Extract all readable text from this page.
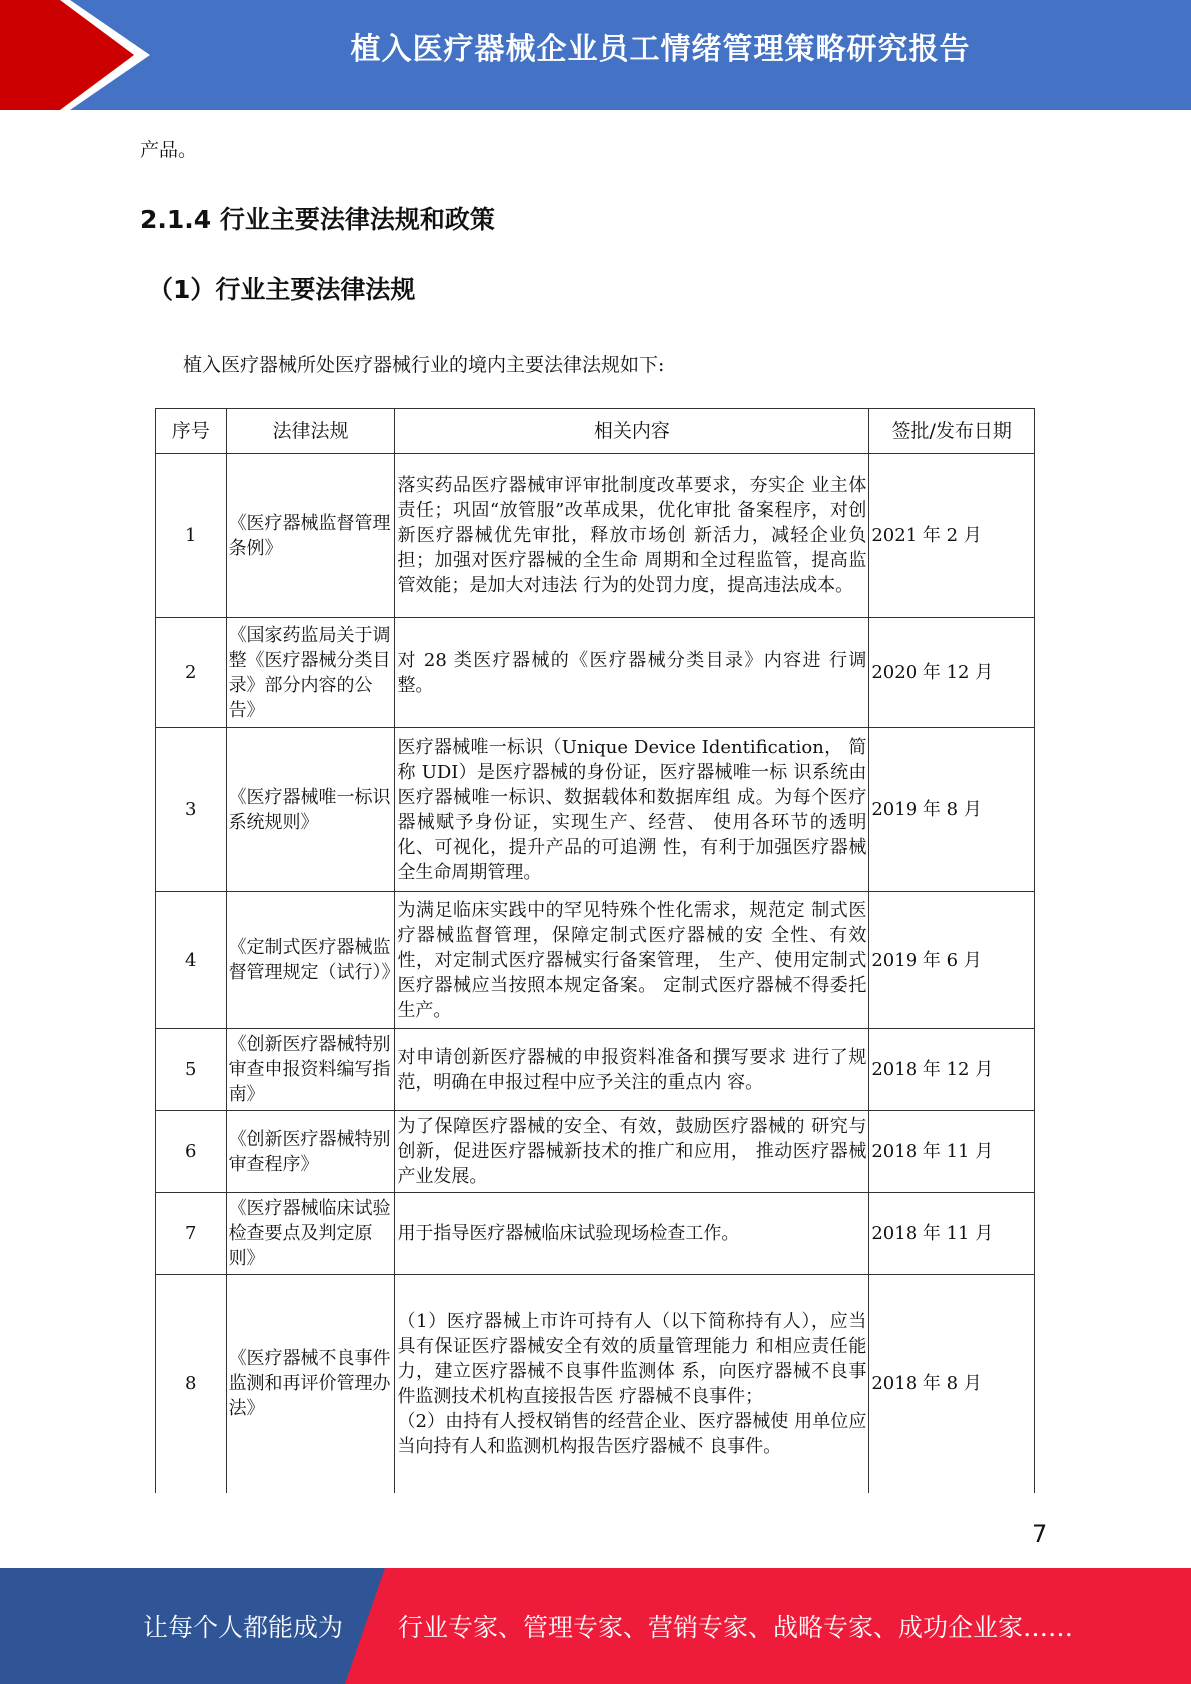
植入医疗器械企业员工情绪管理策略研究报告
产品。
2.1.4 行业主要法律法规和政策
（1）行业主要法律法规
植入医疗器械所处医疗器械行业的境内主要法律法规如下:
序号	法律法规	相关内容	签批/发布日期
1	《医疗器械监督管理条例》	落实药品医疗器械审评审批制度改革要求，夯实企 业主体责任；巩固“放管服”改革成果，优化审批 备案程序，对创新医疗器械优先审批，释放市场创 新活力，减轻企业负担；加强对医疗器械的全生命 周期和全过程监管，提高监管效能；是加大对违法 行为的处罚力度，提高违法成本。	2021 年 2 月
2	《国家药监局关于调整《医疗器械分类目录》部分内容的公告》	对 28 类医疗器械的《医疗器械分类目录》内容进 行调整。	2020 年 12 月
3	《医疗器械唯一标识系统规则》	医疗器械唯一标识（Unique Device Identification， 简称 UDI）是医疗器械的身份证，医疗器械唯一标 识系统由医疗器械唯一标识、数据载体和数据库组 成。为每个医疗器械赋予身份证，实现生产、经营、 使用各环节的透明化、可视化，提升产品的可追溯 性，有利于加强医疗器械全生命周期管理。	2019 年 8 月
4	《定制式医疗器械监督管理规定（试行）》	为满足临床实践中的罕见特殊个性化需求，规范定 制式医疗器械监督管理，保障定制式医疗器械的安 全性、有效性，对定制式医疗器械实行备案管理， 生产、使用定制式医疗器械应当按照本规定备案。 定制式医疗器械不得委托生产。	2019 年 6 月
5	《创新医疗器械特别审查申报资料编写指南》	对申请创新医疗器械的申报资料准备和撰写要求 进行了规范，明确在申报过程中应予关注的重点内 容。	2018 年 12 月
6	《创新医疗器械特别审查程序》	为了保障医疗器械的安全、有效，鼓励医疗器械的 研究与创新，促进医疗器械新技术的推广和应用， 推动医疗器械产业发展。	2018 年 11 月
7	《医疗器械临床试验检查要点及判定原则》	用于指导医疗器械临床试验现场检查工作。	2018 年 11 月
8	《医疗器械不良事件监测和再评价管理办法》	（1）医疗器械上市许可持有人（以下简称持有人），应当具有保证医疗器械安全有效的质量管理能力 和相应责任能力，建立医疗器械不良事件监测体 系，向医疗器械不良事件监测技术机构直接报告医 疗器械不良事件；
（2）由持有人授权销售的经营企业、医疗器械使 用单位应当向持有人和监测机构报告医疗器械不 良事件。	2018 年 8 月
7
让每个人都能成为 行业专家、管理专家、营销专家、战略专家、成功企业家……
